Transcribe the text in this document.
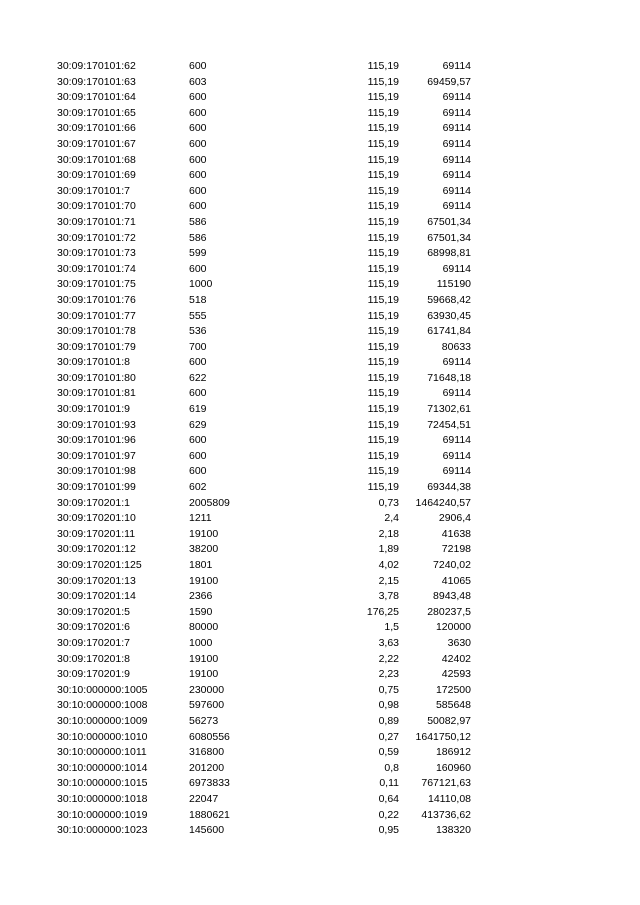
30:09:170101:62	600	115,19	69114
30:09:170101:63	603	115,19	69459,57
30:09:170101:64	600	115,19	69114
30:09:170101:65	600	115,19	69114
30:09:170101:66	600	115,19	69114
30:09:170101:67	600	115,19	69114
30:09:170101:68	600	115,19	69114
30:09:170101:69	600	115,19	69114
30:09:170101:7	600	115,19	69114
30:09:170101:70	600	115,19	69114
30:09:170101:71	586	115,19	67501,34
30:09:170101:72	586	115,19	67501,34
30:09:170101:73	599	115,19	68998,81
30:09:170101:74	600	115,19	69114
30:09:170101:75	1000	115,19	115190
30:09:170101:76	518	115,19	59668,42
30:09:170101:77	555	115,19	63930,45
30:09:170101:78	536	115,19	61741,84
30:09:170101:79	700	115,19	80633
30:09:170101:8	600	115,19	69114
30:09:170101:80	622	115,19	71648,18
30:09:170101:81	600	115,19	69114
30:09:170101:9	619	115,19	71302,61
30:09:170101:93	629	115,19	72454,51
30:09:170101:96	600	115,19	69114
30:09:170101:97	600	115,19	69114
30:09:170101:98	600	115,19	69114
30:09:170101:99	602	115,19	69344,38
30:09:170201:1	2005809	0,73 1464240,57
30:09:170201:10	1211	2,4	2906,4
30:09:170201:11	19100	2,18	41638
30:09:170201:12	38200	1,89	72198
30:09:170201:125	1801	4,02	7240,02
30:09:170201:13	19100	2,15	41065
30:09:170201:14	2366	3,78	8943,48
30:09:170201:5	1590	176,25	280237,5
30:09:170201:6	80000	1,5	120000
30:09:170201:7	1000	3,63	3630
30:09:170201:8	19100	2,22	42402
30:09:170201:9	19100	2,23	42593
30:10:000000:1005	230000	0,75	172500
30:10:000000:1008	597600	0,98	585648
30:10:000000:1009	56273	0,89	50082,97
30:10:000000:1010	6080556	0,27 1641750,12
30:10:000000:1011	316800	0,59	186912
30:10:000000:1014	201200	0,8	160960
30:10:000000:1015	6973833	0,11 767121,63
30:10:000000:1018	22047	0,64	14110,08
30:10:000000:1019	1880621	0,22 413736,62
30:10:000000:1023	145600	0,95	138320
